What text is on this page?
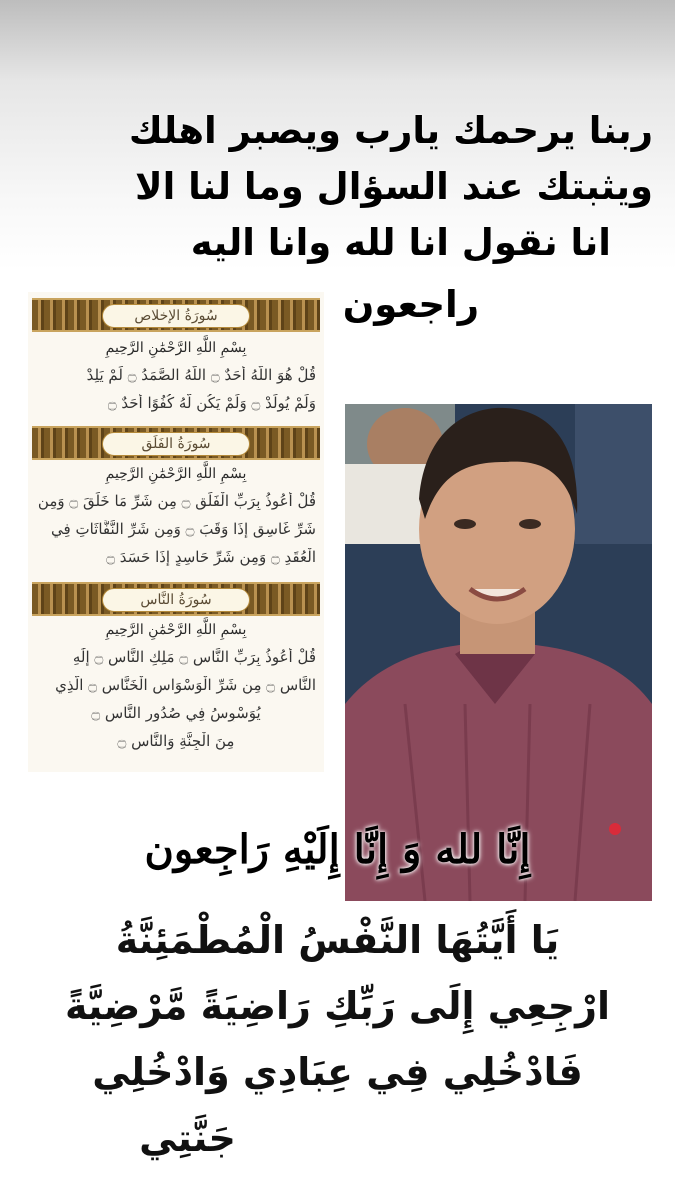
ربنا يرحمك يارب ويصبر اهلك
ويثبتك عند السؤال وما لنا الا
انا نقول انا لله وانا اليه
راجعون
سُورَةُ الإخلاص
بِسْمِ اللَّهِ الرَّحْمَٰنِ الرَّحِيمِ
قُلْ هُوَ اللَّهُ أَحَدٌ ۝ اللَّهُ الصَّمَدُ ۝ لَمْ يَلِدْ
وَلَمْ يُولَدْ ۝ وَلَمْ يَكُن لَّهُ كُفُوًا أَحَدٌ ۝
سُورَةُ الفَلَق
بِسْمِ اللَّهِ الرَّحْمَٰنِ الرَّحِيمِ
قُلْ أَعُوذُ بِرَبِّ الْفَلَقِ ۝ مِن شَرِّ مَا خَلَقَ ۝ وَمِن
شَرِّ غَاسِقٍ إِذَا وَقَبَ ۝ وَمِن شَرِّ النَّفَّاثَاتِ فِي
الْعُقَدِ ۝ وَمِن شَرِّ حَاسِدٍ إِذَا حَسَدَ ۝
سُورَةُ النَّاس
بِسْمِ اللَّهِ الرَّحْمَٰنِ الرَّحِيمِ
قُلْ أَعُوذُ بِرَبِّ النَّاسِ ۝ مَلِكِ النَّاسِ ۝ إِلَٰهِ
النَّاسِ ۝ مِن شَرِّ الْوَسْوَاسِ الْخَنَّاسِ ۝ الَّذِي
يُوَسْوِسُ فِي صُدُورِ النَّاسِ ۝
مِنَ الْجِنَّةِ وَالنَّاسِ ۝
إِنَّا لله وَ إِنَّا إِلَيْهِ رَاجِعون
يَا أَيَّتُهَا النَّفْسُ الْمُطْمَئِنَّةُ
ارْجِعِي إِلَى رَبِّكِ رَاضِيَةً مَّرْضِيَّةً
فَادْخُلِي فِي عِبَادِي وَادْخُلِي
جَنَّتِي
